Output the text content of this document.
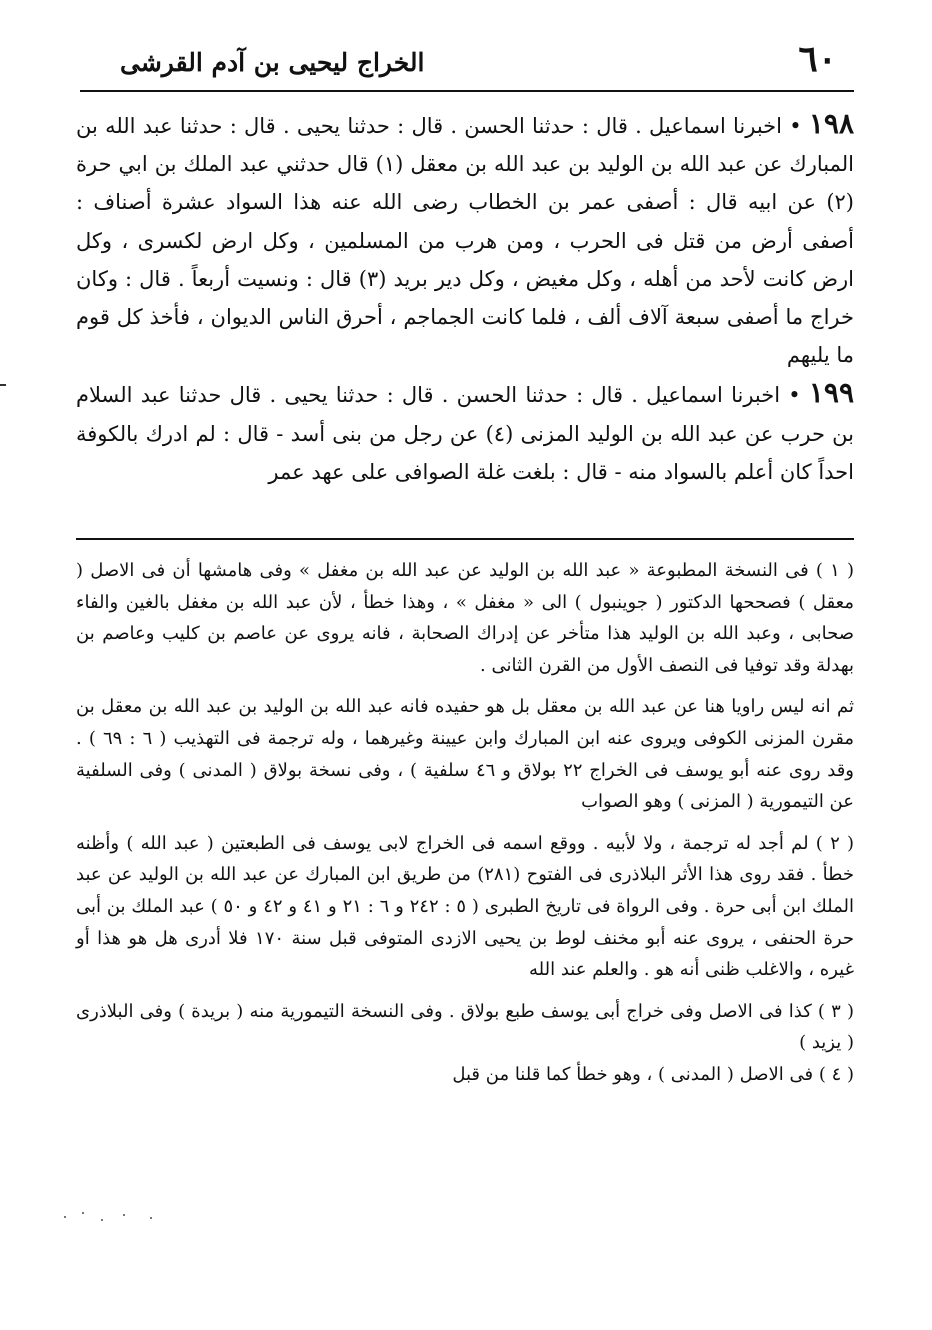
٦٠
الخراج ليحيى بن آدم القرشى

١٩٨ • اخبرنا اسماعيل . قال : حدثنا الحسن . قال : حدثنا يحيى . قال : حدثنا عبد الله بن المبارك عن عبد الله بن الوليد بن عبد الله بن معقل (١) قال حدثني عبد الملك بن ابي حرة (٢) عن ابيه قال : أصفى عمر بن الخطاب رضى الله عنه هذا السواد عشرة أصناف : أصفى أرض من قتل فى الحرب ، ومن هرب من المسلمين ، وكل ارض لكسرى ، وكل ارض كانت لأحد من أهله ، وكل مغيض ، وكل دير بريد (٣) قال : ونسيت أربعاً . قال : وكان خراج ما أصفى سبعة آلاف ألف ، فلما كانت الجماجم ، أحرق الناس الديوان ، فأخذ كل قوم ما يليهم

١٩٩ • اخبرنا اسماعيل . قال : حدثنا الحسن . قال : حدثنا يحيى . قال حدثنا عبد السلام بن حرب عن عبد الله بن الوليد المزنى (٤) عن رجل من بنى أسد - قال : لم ادرك بالكوفة احداً كان أعلم بالسواد منه - قال : بلغت غلة الصوافى على عهد عمر

( ١ ) فى النسخة المطبوعة « عبد الله بن الوليد عن عبد الله بن مغفل » وفى هامشها أن فى الاصل ( معقل ) فصححها الدكتور ( جوينبول ) الى « مغفل » ، وهذا خطأ ، لأن عبد الله بن مغفل بالغين والفاء صحابى ، وعبد الله بن الوليد هذا متأخر عن إدراك الصحابة ، فانه يروى عن عاصم بن كليب وعاصم بن بهدلة وقد توفيا فى النصف الأول من القرن الثانى .

ثم انه ليس راويا هنا عن عبد الله بن معقل بل هو حفيده فانه عبد الله بن الوليد بن عبد الله بن معقل بن مقرن المزنى الكوفى ويروى عنه ابن المبارك وابن عيينة وغيرهما ، وله ترجمة فى التهذيب ( ٦ : ٦٩ ) . وقد روى عنه أبو يوسف فى الخراج ٢٢ بولاق و ٤٦ سلفية ) ، وفى نسخة بولاق ( المدنى ) وفى السلفية عن التيمورية ( المزنى ) وهو الصواب

( ٢ ) لم أجد له ترجمة ، ولا لأبيه . ووقع اسمه فى الخراج لابى يوسف فى الطبعتين ( عبد الله ) وأظنه خطأ . فقد روى هذا الأثر البلاذرى فى الفتوح (٢٨١) من طريق ابن المبارك عن عبد الله بن الوليد عن عبد الملك ابن أبى حرة . وفى الرواة فى تاريخ الطبرى ( ٥ : ٢٤٢ و ٦ : ٢١ و ٤١ و ٤٢ و ٥٠ ) عبد الملك بن أبى حرة الحنفى ، يروى عنه أبو مخنف لوط بن يحيى الازدى المتوفى قبل سنة ١٧٠ فلا أدرى هل هو هذا أو غيره ، والاغلب ظنى أنه هو . والعلم عند الله

( ٣ ) كذا فى الاصل وفى خراج أبى يوسف طبع بولاق . وفى النسخة التيمورية منه ( بريدة ) وفى البلاذرى ( يزيد )

( ٤ ) فى الاصل ( المدنى ) ، وهو خطأ كما قلنا من قبل
